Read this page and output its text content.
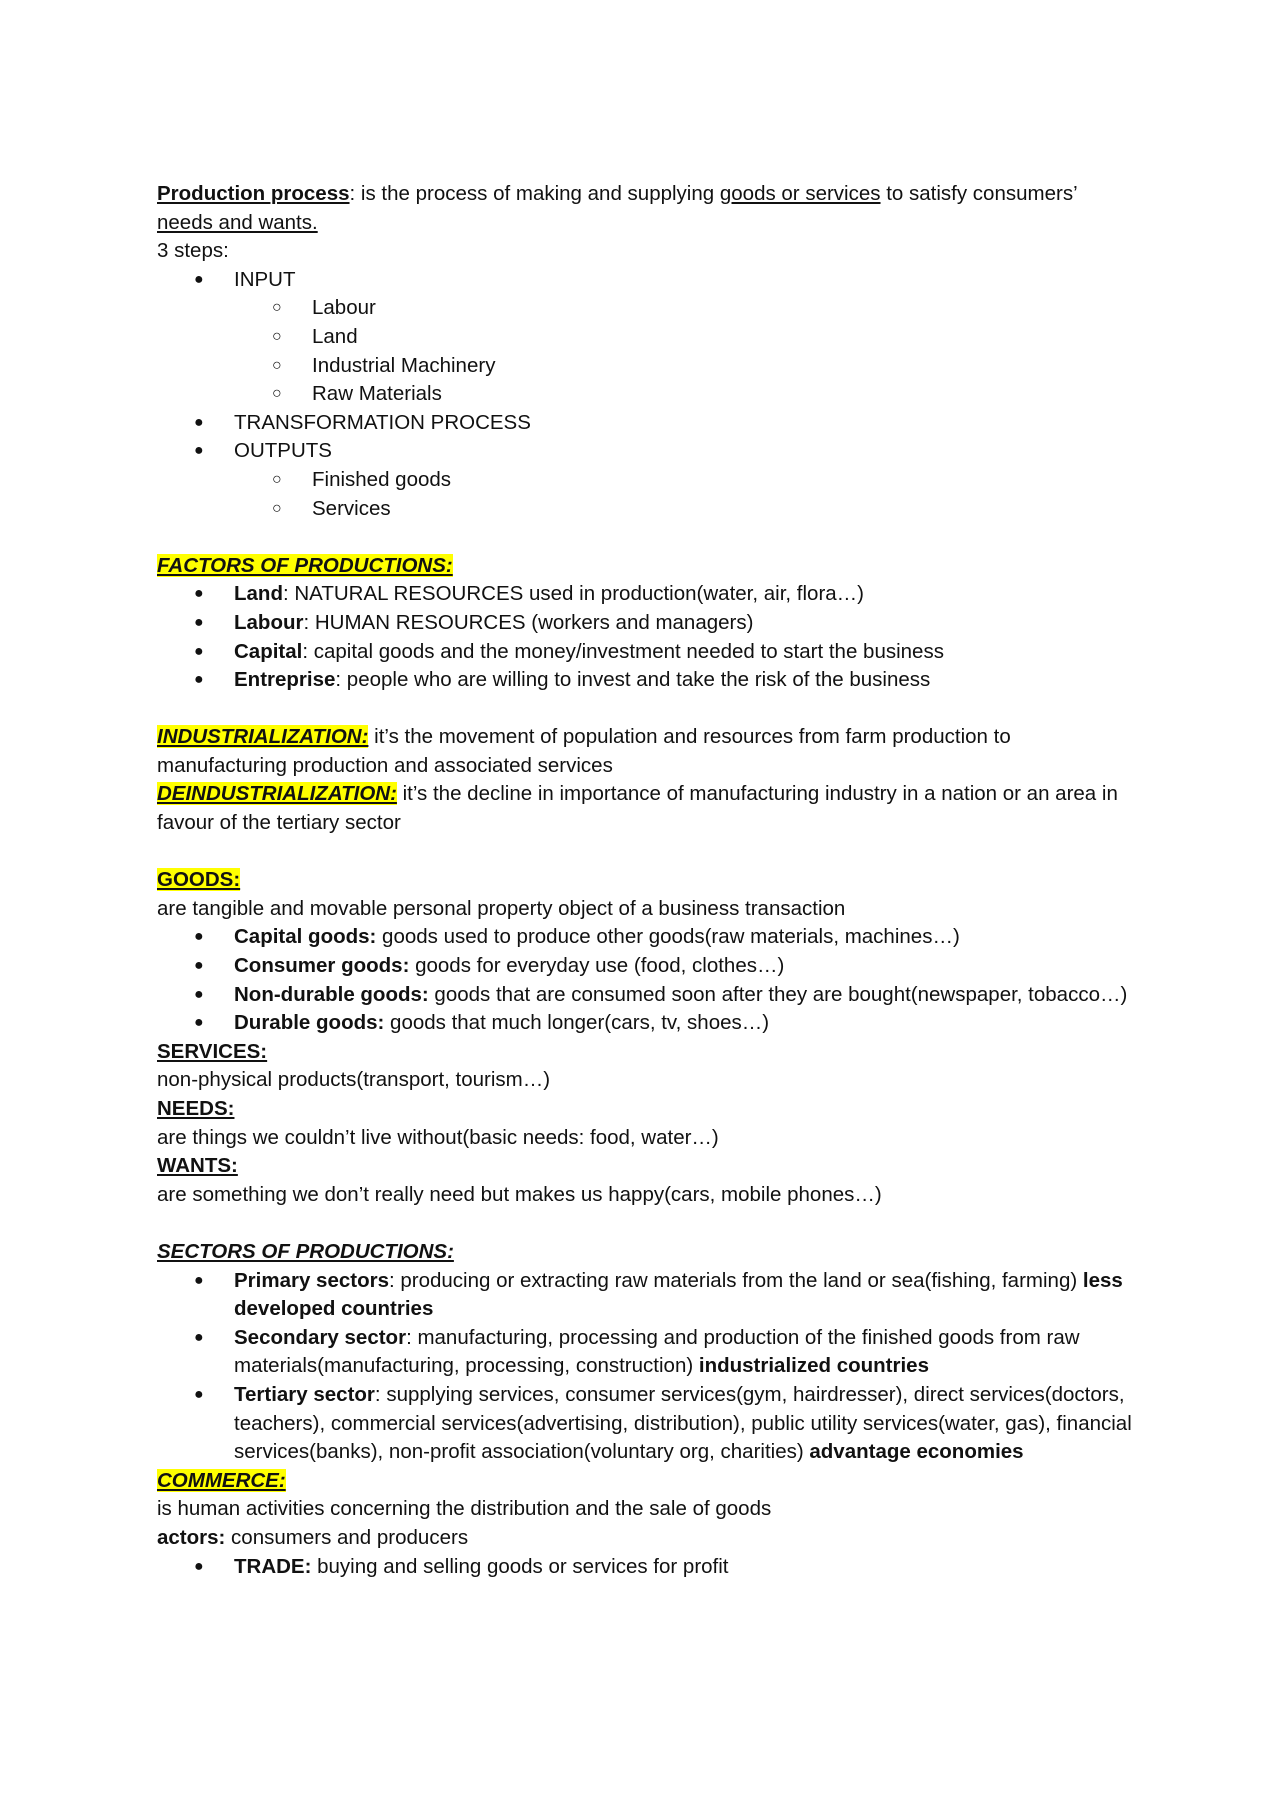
Production process: is the process of making and supplying goods or services to satisfy consumers’ needs and wants.

3 steps:

● INPUT
○ Labour
○ Land
○ Industrial Machinery
○ Raw Materials
● TRANSFORMATION PROCESS
● OUTPUTS
○ Finished goods
○ Services

FACTORS OF PRODUCTIONS:

● Land: NATURAL RESOURCES used in production(water, air, flora…)
● Labour: HUMAN RESOURCES (workers and managers)
● Capital: capital goods and the money/investment needed to start the business
● Entreprise: people who are willing to invest and take the risk of the business

INDUSTRIALIZATION: it’s the movement of population and resources from farm production to manufacturing production and associated services

DEINDUSTRIALIZATION: it’s the decline in importance of manufacturing industry in a nation or an area in favour of the tertiary sector

GOODS:

are tangible and movable personal property object of a business transaction

● Capital goods: goods used to produce other goods(raw materials, machines…)
● Consumer goods: goods for everyday use (food, clothes…)
● Non-durable goods: goods that are consumed soon after they are bought(newspaper, tobacco…)
● Durable goods: goods that much longer(cars, tv, shoes…)

SERVICES:

non-physical products(transport, tourism…)

NEEDS:

are things we couldn’t live without(basic needs: food, water…)

WANTS:

are something we don’t really need but makes us happy(cars, mobile phones…)

SECTORS OF PRODUCTIONS:

● Primary sectors: producing or extracting raw materials from the land or sea(fishing, farming) less developed countries
● Secondary sector: manufacturing, processing and production of the finished goods from raw materials(manufacturing, processing, construction) industrialized countries
● Tertiary sector: supplying services, consumer services(gym, hairdresser), direct services(doctors, teachers), commercial services(advertising, distribution), public utility services(water, gas), financial services(banks), non-profit association(voluntary org, charities) advantage economies

COMMERCE:

is human activities concerning the distribution and the sale of goods

actors: consumers and producers

● TRADE: buying and selling goods or services for profit
